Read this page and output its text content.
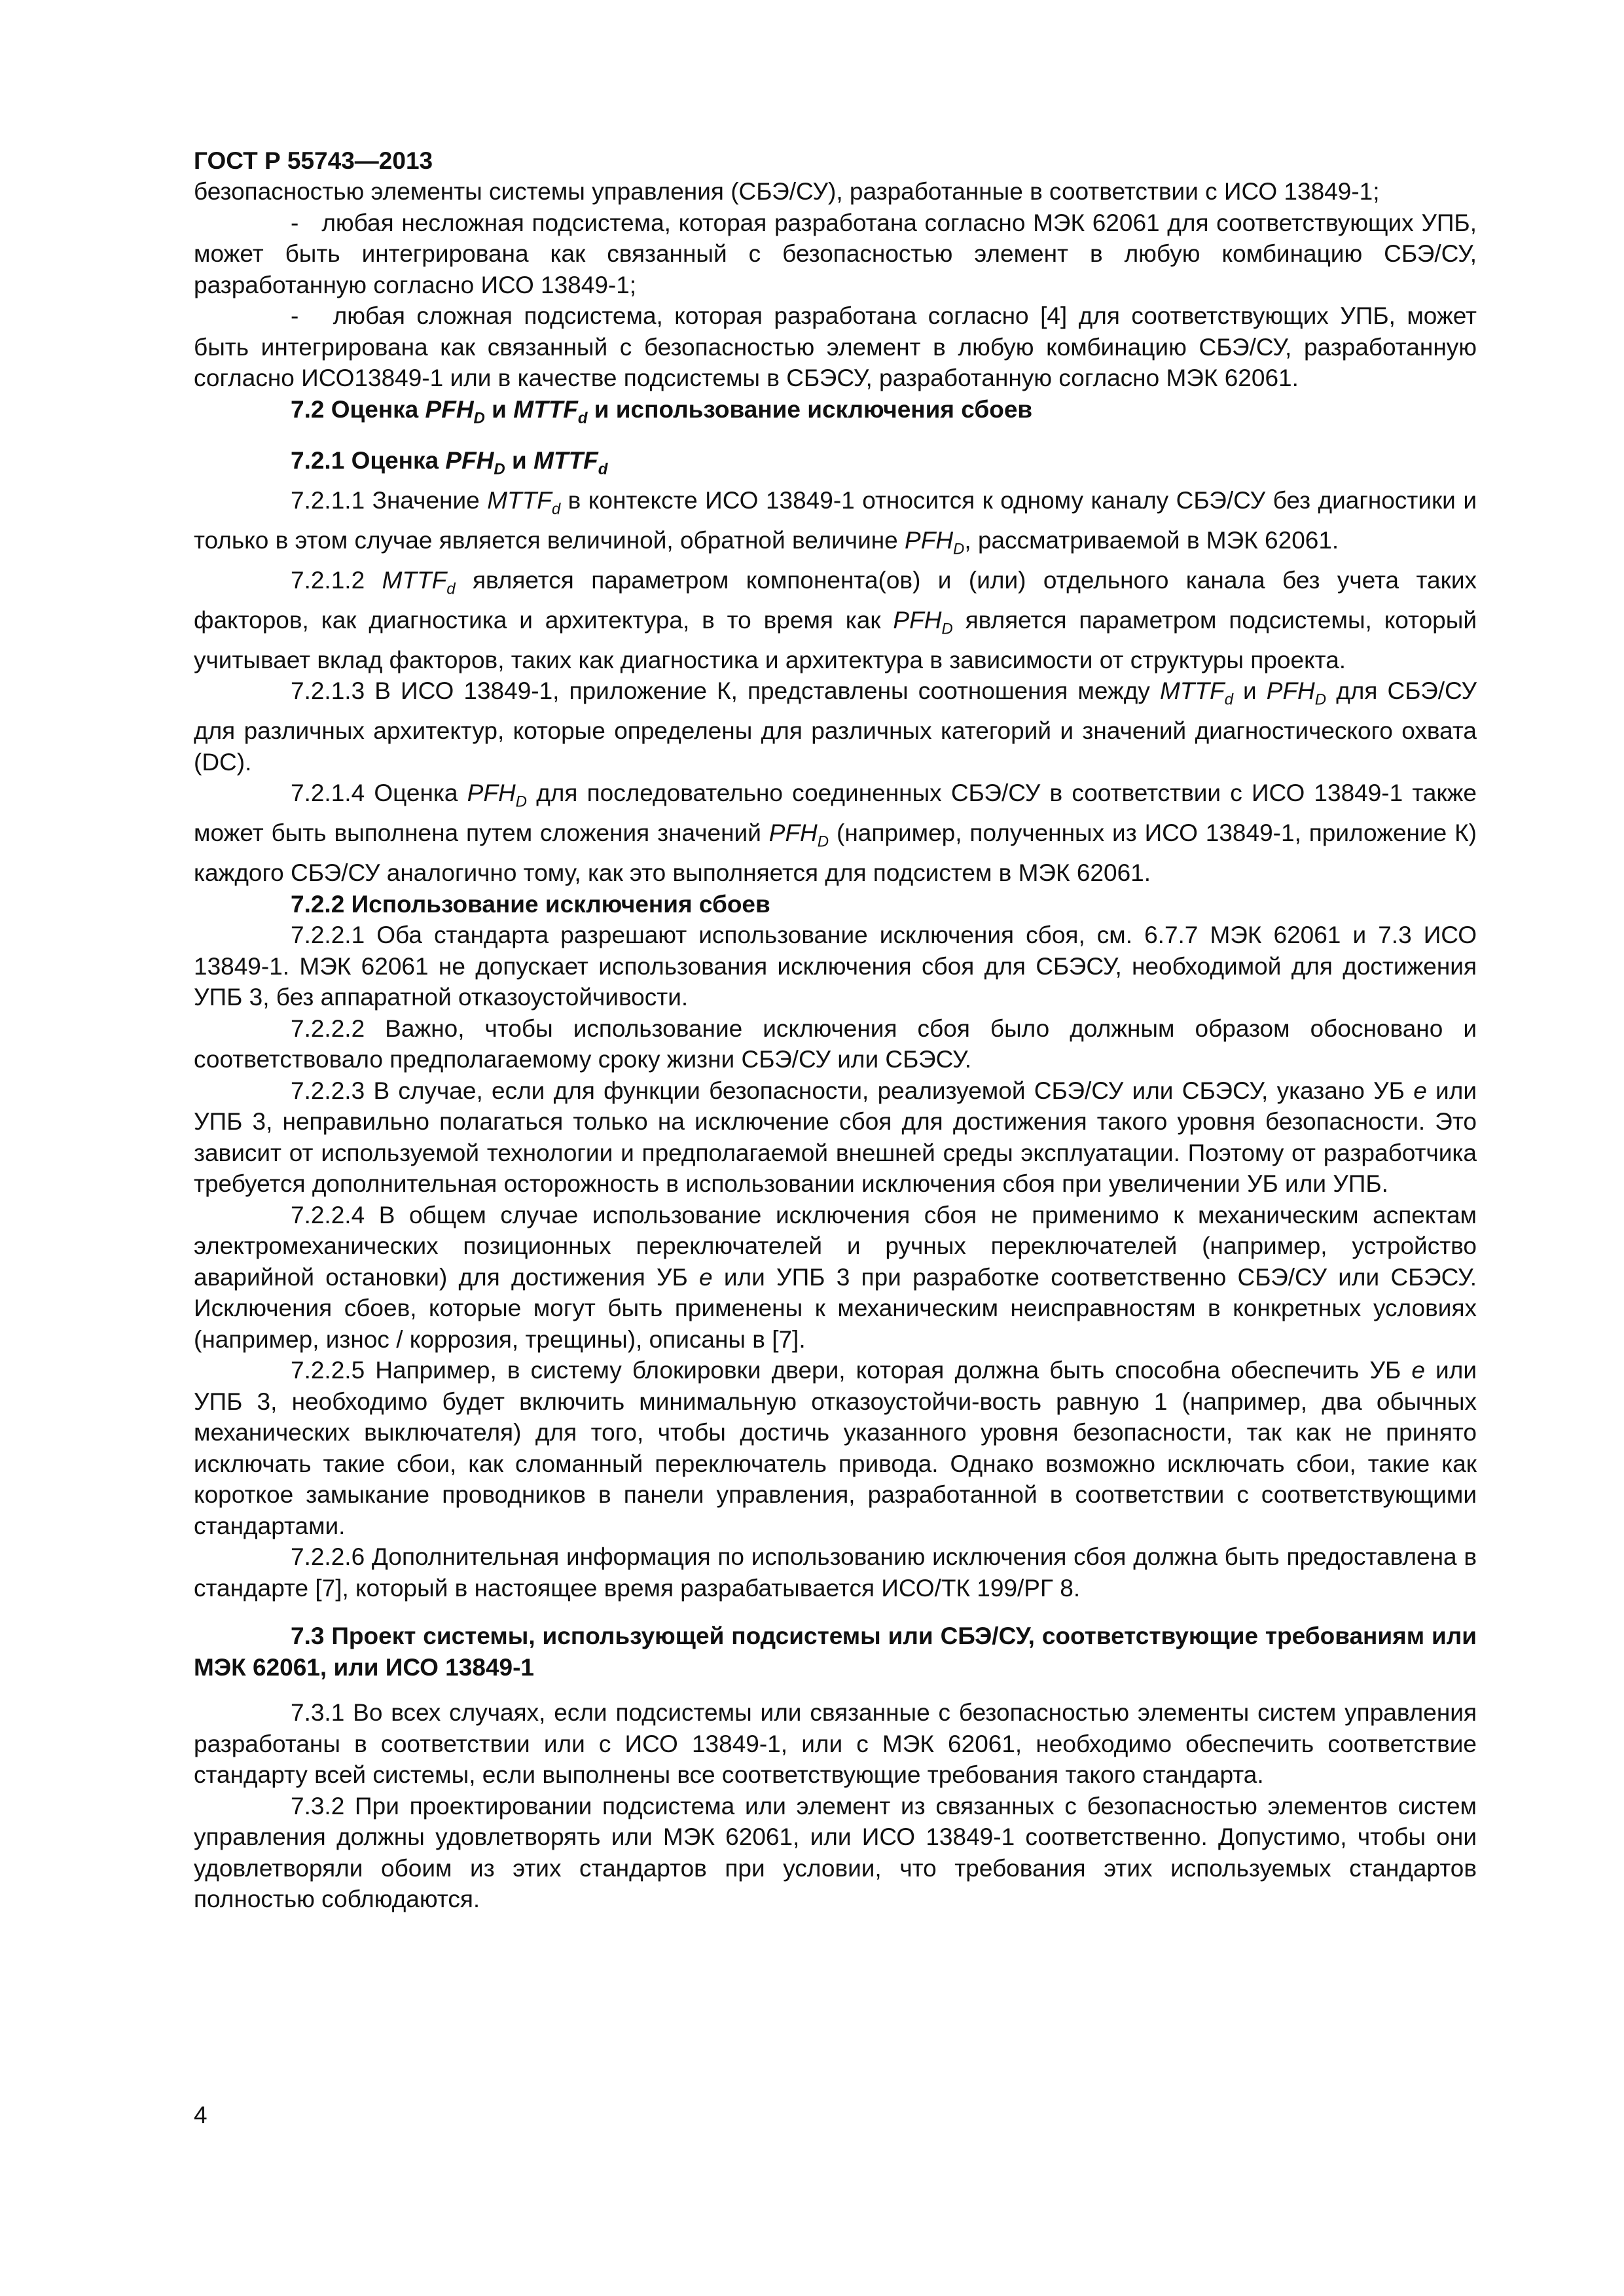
ГОСТ Р 55743—2013

безопасностью элементы системы управления (СБЭ/СУ), разработанные в соответствии с ИСО 13849-1;

-   любая несложная подсистема, которая разработана согласно МЭК 62061 для соответствующих УПБ, может быть интегрирована как связанный с безопасностью элемент в любую комбинацию СБЭ/СУ, разработанную согласно ИСО 13849-1;

-   любая сложная подсистема, которая разработана согласно [4] для соответствующих УПБ, может быть интегрирована как связанный с безопасностью элемент в любую комбинацию СБЭ/СУ, разработанную согласно ИСО13849-1 или в качестве подсистемы в СБЭСУ, разработанную согласно МЭК 62061.

7.2 Оценка $PFH_D$ и $MTTF_d$ и использование исключения сбоев
7.2.1 Оценка $PFH_D$ и $MTTF_d$

7.2.1.1 Значение $MTTF_d$ в контексте ИСО 13849-1 относится к одному каналу СБЭ/СУ без диагностики и только в этом случае является величиной, обратной величине $PFH_D$, рассматриваемой в МЭК 62061.

7.2.1.2 $MTTF_d$ является параметром компонента(ов) и (или) отдельного канала без учета таких факторов, как диагностика и архитектура, в то время как $PFH_D$ является параметром подсистемы, который учитывает вклад факторов, таких как диагностика и архитектура в зависимости от структуры проекта.

7.2.1.3 В ИСО 13849-1, приложение К, представлены соотношения между $MTTF_d$ и $PFH_D$ для СБЭ/СУ для различных архитектур, которые определены для различных категорий и значений диагностического охвата (DC).

7.2.1.4 Оценка $PFH_D$ для последовательно соединенных СБЭ/СУ в соответствии с ИСО 13849-1 также может быть выполнена путем сложения значений $PFH_D$ (например, полученных из ИСО 13849-1, приложение К) каждого СБЭ/СУ аналогично тому, как это выполняется для подсистем в МЭК 62061.

7.2.2 Использование исключения сбоев

7.2.2.1 Оба стандарта разрешают использование исключения сбоя, см. 6.7.7 МЭК 62061 и 7.3 ИСО 13849-1. МЭК 62061 не допускает использования исключения сбоя для СБЭСУ, необходимой для достижения УПБ 3, без аппаратной отказоустойчивости.

7.2.2.2 Важно, чтобы использование исключения сбоя было должным образом обосновано и соответствовало предполагаемому сроку жизни СБЭ/СУ или СБЭСУ.

7.2.2.3 В случае, если для функции безопасности, реализуемой СБЭ/СУ или СБЭСУ, указано УБ e или УПБ 3, неправильно полагаться только на исключение сбоя для достижения такого уровня безопасности. Это зависит от используемой технологии и предполагаемой внешней среды эксплуатации. Поэтому от разработчика требуется дополнительная осторожность в использовании исключения сбоя при увеличении УБ или УПБ.

7.2.2.4 В общем случае использование исключения сбоя не применимо к механическим аспектам электромеханических позиционных переключателей и ручных переключателей (например, устройство аварийной остановки) для достижения УБ e или УПБ 3 при разработке соответственно СБЭ/СУ или СБЭСУ. Исключения сбоев, которые могут быть применены к механическим неисправностям в конкретных условиях (например, износ / коррозия, трещины), описаны в [7].

7.2.2.5 Например, в систему блокировки двери, которая должна быть способна обеспечить УБ e или УПБ 3, необходимо будет включить минимальную отказоустойчи-вость равную 1 (например, два обычных механических выключателя) для того, чтобы достичь указанного уровня безопасности, так как не принято исключать такие сбои, как сломанный переключатель привода. Однако возможно исключать сбои, такие как короткое замыкание проводников в панели управления, разработанной в соответствии с соответствующими стандартами.

7.2.2.6 Дополнительная информация по использованию исключения сбоя должна быть предоставлена в стандарте [7], который в настоящее время разрабатывается ИСО/ТК 199/РГ 8.

7.3 Проект системы, использующей подсистемы или СБЭ/СУ, соответствующие требованиям или МЭК 62061, или ИСО 13849-1

7.3.1 Во всех случаях, если подсистемы или связанные с безопасностью элементы систем управления разработаны в соответствии или с ИСО 13849-1, или с МЭК 62061, необходимо обеспечить соответствие стандарту всей системы, если выполнены все соответствующие требования такого стандарта.

7.3.2 При проектировании подсистема или элемент из связанных с безопасностью элементов систем управления должны удовлетворять или МЭК 62061, или ИСО 13849-1 соответственно. Допустимо, чтобы они удовлетворяли обоим из этих стандартов при условии, что требования этих используемых стандартов полностью соблюдаются.

4
